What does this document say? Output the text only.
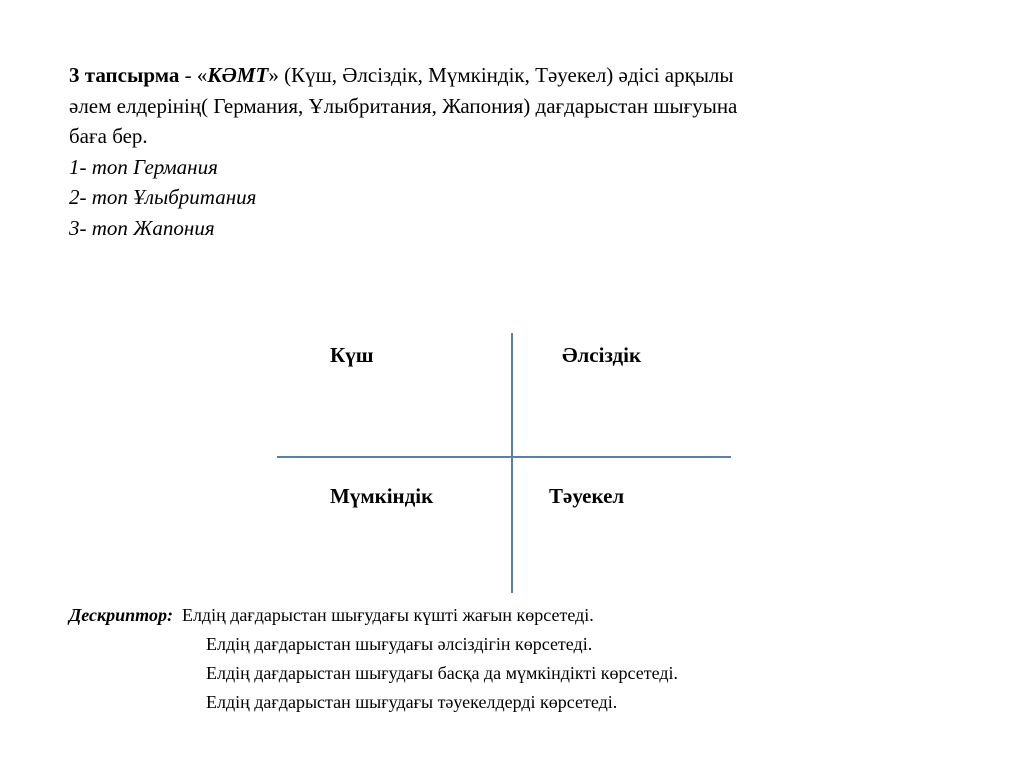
3 тапсырма - «КӘМТ» (Күш, Әлсіздік, Мүмкіндік, Тәуекел) әдісі арқылы
әлем елдерінің( Германия, Ұлыбритания, Жапония) дағдарыстан шығуына
баға бер.
1- топ Германия
2- топ Ұлыбритания
3- топ Жапония
Күш	Әлсіздік
Мүмкіндік	Тәуекел
Дескриптор: Елдің дағдарыстан шығудағы күшті жағын көрсетеді.
Елдің дағдарыстан шығудағы әлсіздігін көрсетеді.
Елдің дағдарыстан шығудағы басқа да мүмкіндікті көрсетеді.
Елдің дағдарыстан шығудағы тәуекелдерді көрсетеді.
